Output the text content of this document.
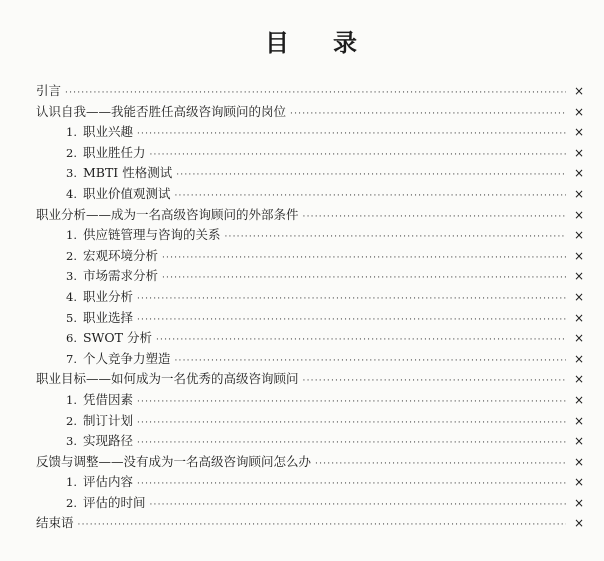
目 录
引言 ·····	×
认识自我——我能否胜任高级咨询顾问的岗位 ·····	×
1. 职业兴趣 ·····	×
2. 职业胜任力 ·····	×
3. MBTI 性格测试 ·····	×
4. 职业价值观测试 ·····	×
职业分析——成为一名高级咨询顾问的外部条件 ·····	×
1. 供应链管理与咨询的关系 ·····	×
2. 宏观环境分析 ·····	×
3. 市场需求分析 ·····	×
4. 职业分析 ·····	×
5. 职业选择 ·····	×
6. SWOT 分析 ·····	×
7. 个人竞争力塑造 ·····	×
职业目标——如何成为一名优秀的高级咨询顾问 ·····	×
1. 凭借因素 ·····	×
2. 制订计划 ·····	×
3. 实现路径 ·····	×
反馈与调整——没有成为一名高级咨询顾问怎么办 ·····	×
1. 评估内容 ·····	×
2. 评估的时间 ·····	×
结束语 ·····	×
